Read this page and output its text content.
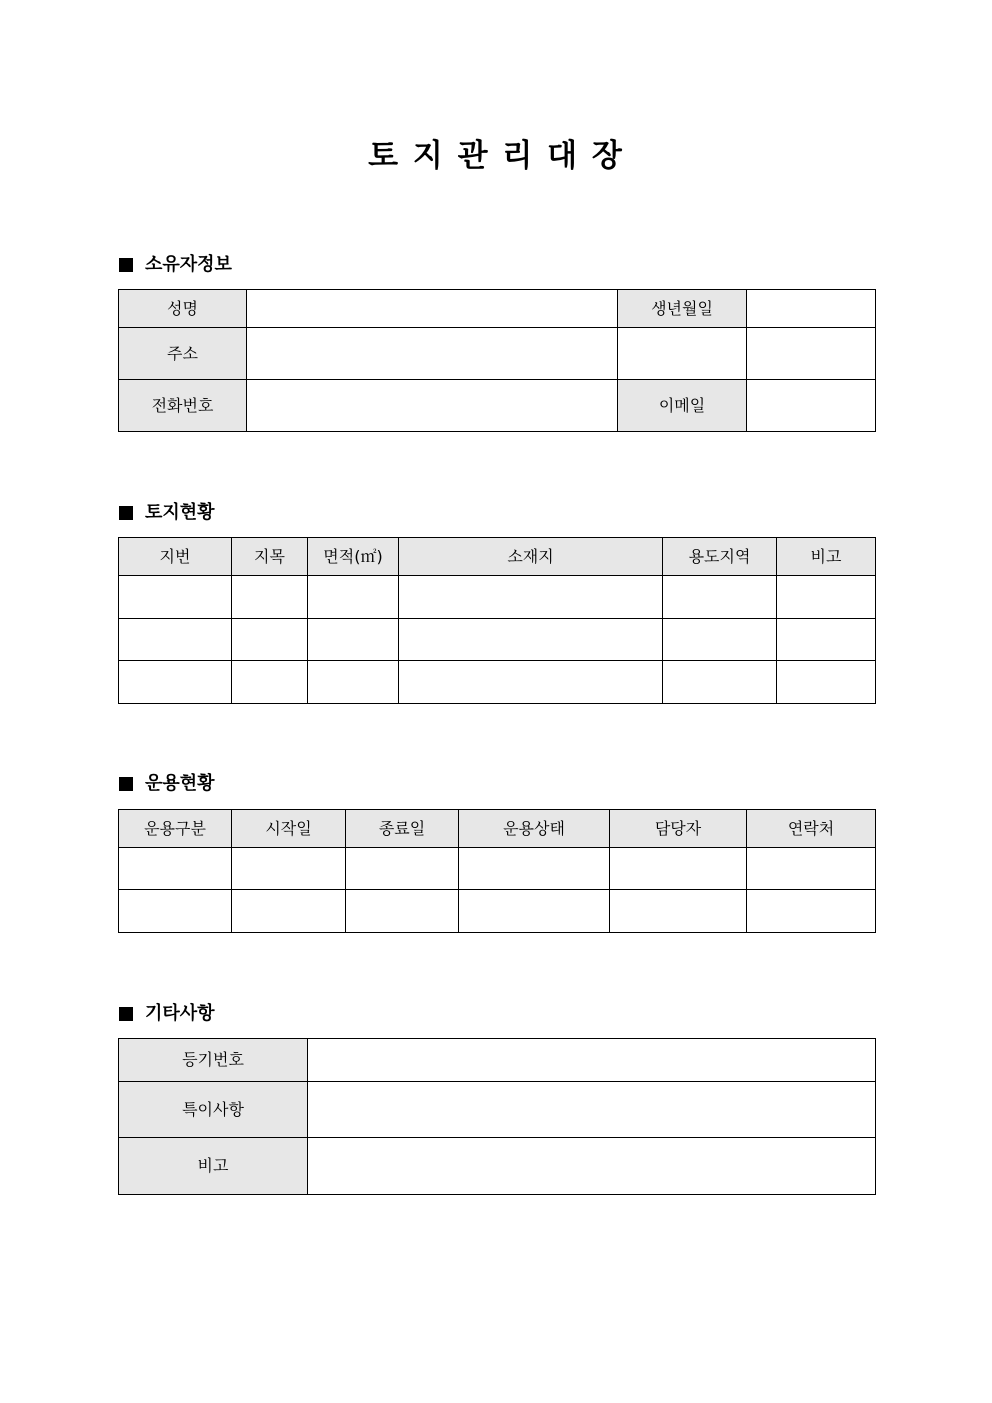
토 지 관 리 대 장
소유자정보
성명		생년월일	
주소			
전화번호		이메일	
토지현황
지번	지목	면적(㎡)	소재지	용도지역	비고

운용현황
운용구분	시작일	종료일	운용상태	담당자	연락처

기타사항
등기번호	
특이사항	
비고	
